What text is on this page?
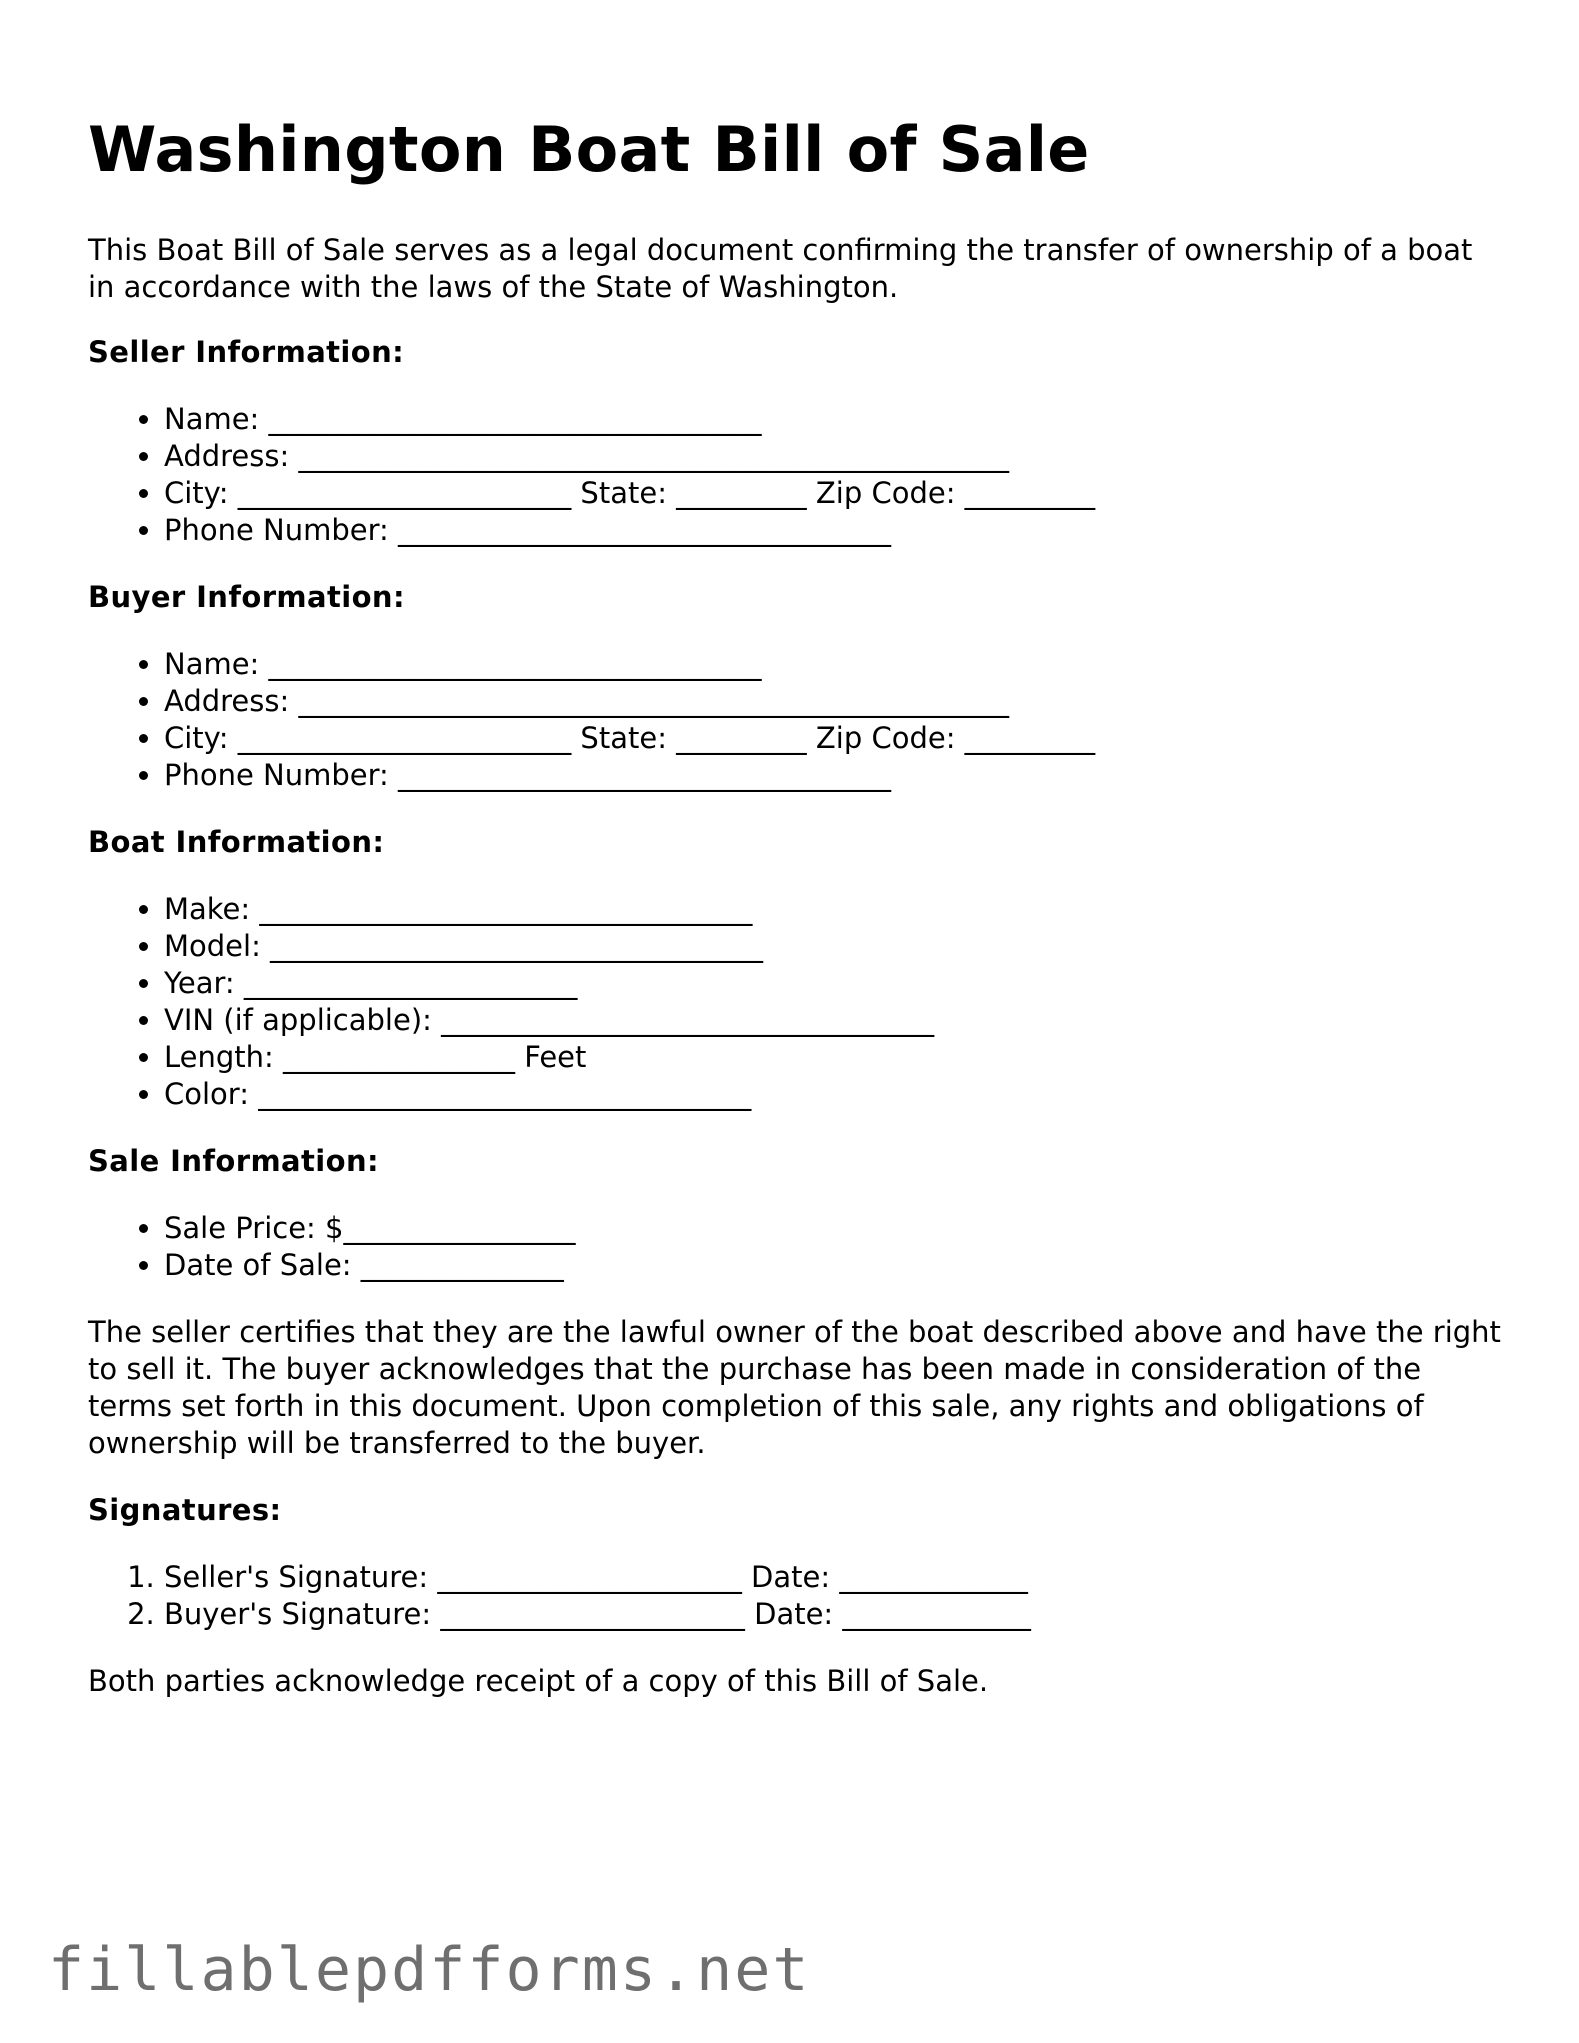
Washington Boat Bill of Sale

This Boat Bill of Sale serves as a legal document confirming the transfer of ownership of a boat in accordance with the laws of the State of Washington.

Seller Information:
• Name: __________________________________
• Address: _________________________________________________
• City: _______________________ State: _________ Zip Code: _________
• Phone Number: __________________________________
Buyer Information:
• Name: __________________________________
• Address: _________________________________________________
• City: _______________________ State: _________ Zip Code: _________
• Phone Number: __________________________________
Boat Information:
• Make: __________________________________
• Model: __________________________________
• Year: _______________________
• VIN (if applicable): __________________________________
• Length: ________________ Feet
• Color: __________________________________
Sale Information:
• Sale Price: $________________
• Date of Sale: ______________

The seller certifies that they are the lawful owner of the boat described above and have the right to sell it. The buyer acknowledges that the purchase has been made in consideration of the terms set forth in this document. Upon completion of this sale, any rights and obligations of ownership will be transferred to the buyer.

Signatures:
1. Seller's Signature: _____________________ Date: _____________
2. Buyer's Signature: _____________________ Date: _____________

Both parties acknowledge receipt of a copy of this Bill of Sale.

fillablepdfforms.net
